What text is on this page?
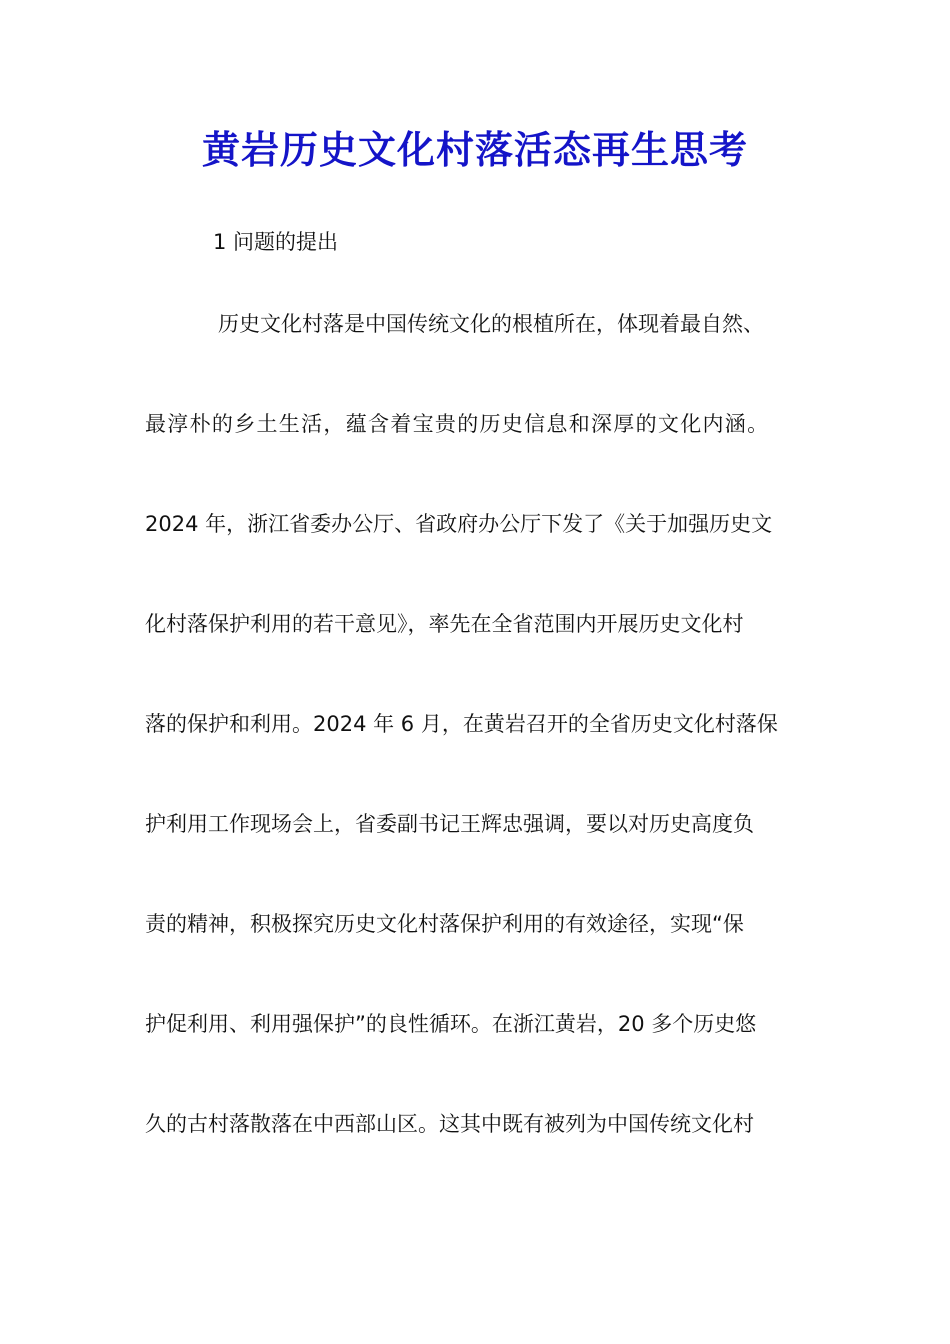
黄岩历史文化村落活态再生思考

1 问题的提出

历史文化村落是中国传统文化的根植所在，体现着最自然、

最淳朴的乡土生活，蕴含着宝贵的历史信息和深厚的文化内涵。

2024 年，浙江省委办公厅、省政府办公厅下发了《关于加强历史文

化村落保护利用的若干意见》，率先在全省范围内开展历史文化村

落的保护和利用。2024 年 6 月，在黄岩召开的全省历史文化村落保

护利用工作现场会上，省委副书记王辉忠强调，要以对历史高度负

责的精神，积极探究历史文化村落保护利用的有效途径，实现“保

护促利用、利用强保护”的良性循环。在浙江黄岩，20 多个历史悠

久的古村落散落在中西部山区。这其中既有被列为中国传统文化村
